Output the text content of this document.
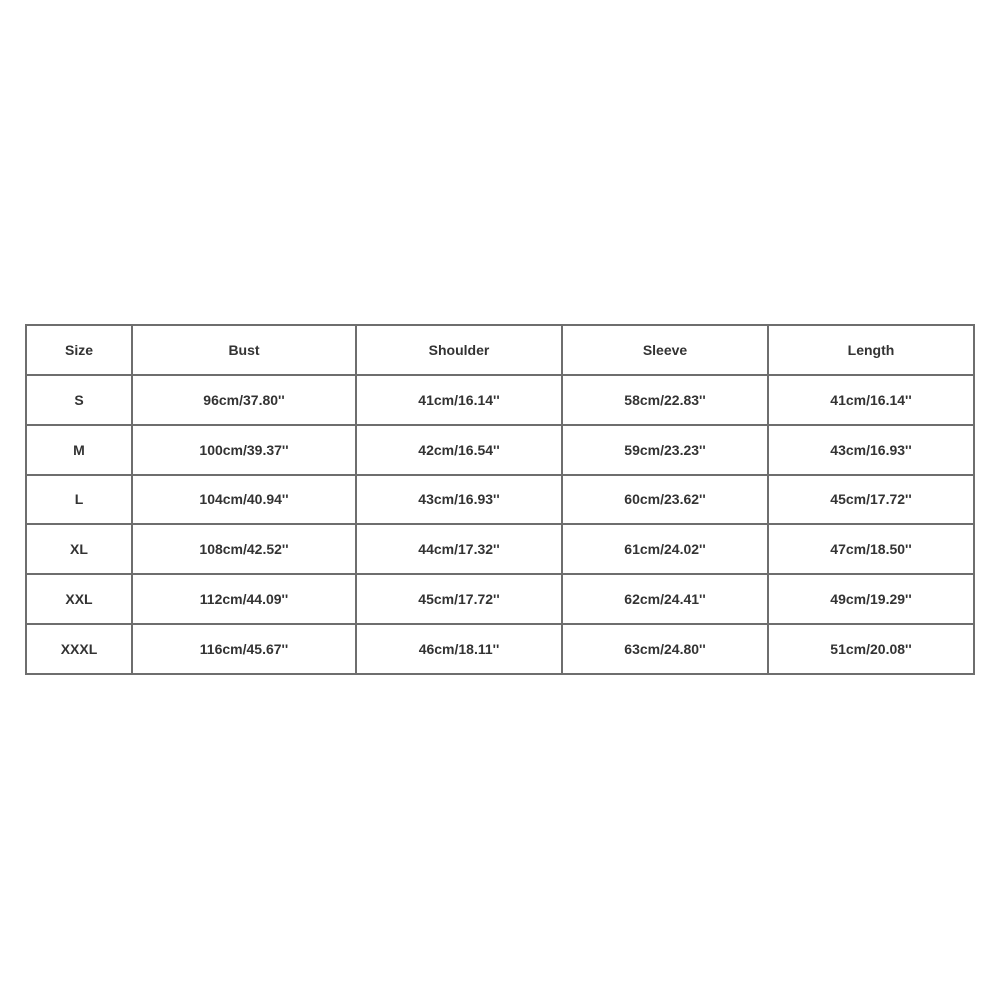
Size	Bust	Shoulder	Sleeve	Length
S	96cm/37.80''	41cm/16.14''	58cm/22.83''	41cm/16.14''
M	100cm/39.37''	42cm/16.54''	59cm/23.23''	43cm/16.93''
L	104cm/40.94''	43cm/16.93''	60cm/23.62''	45cm/17.72''
XL	108cm/42.52''	44cm/17.32''	61cm/24.02''	47cm/18.50''
XXL	112cm/44.09''	45cm/17.72''	62cm/24.41''	49cm/19.29''
XXXL	116cm/45.67''	46cm/18.11''	63cm/24.80''	51cm/20.08''
